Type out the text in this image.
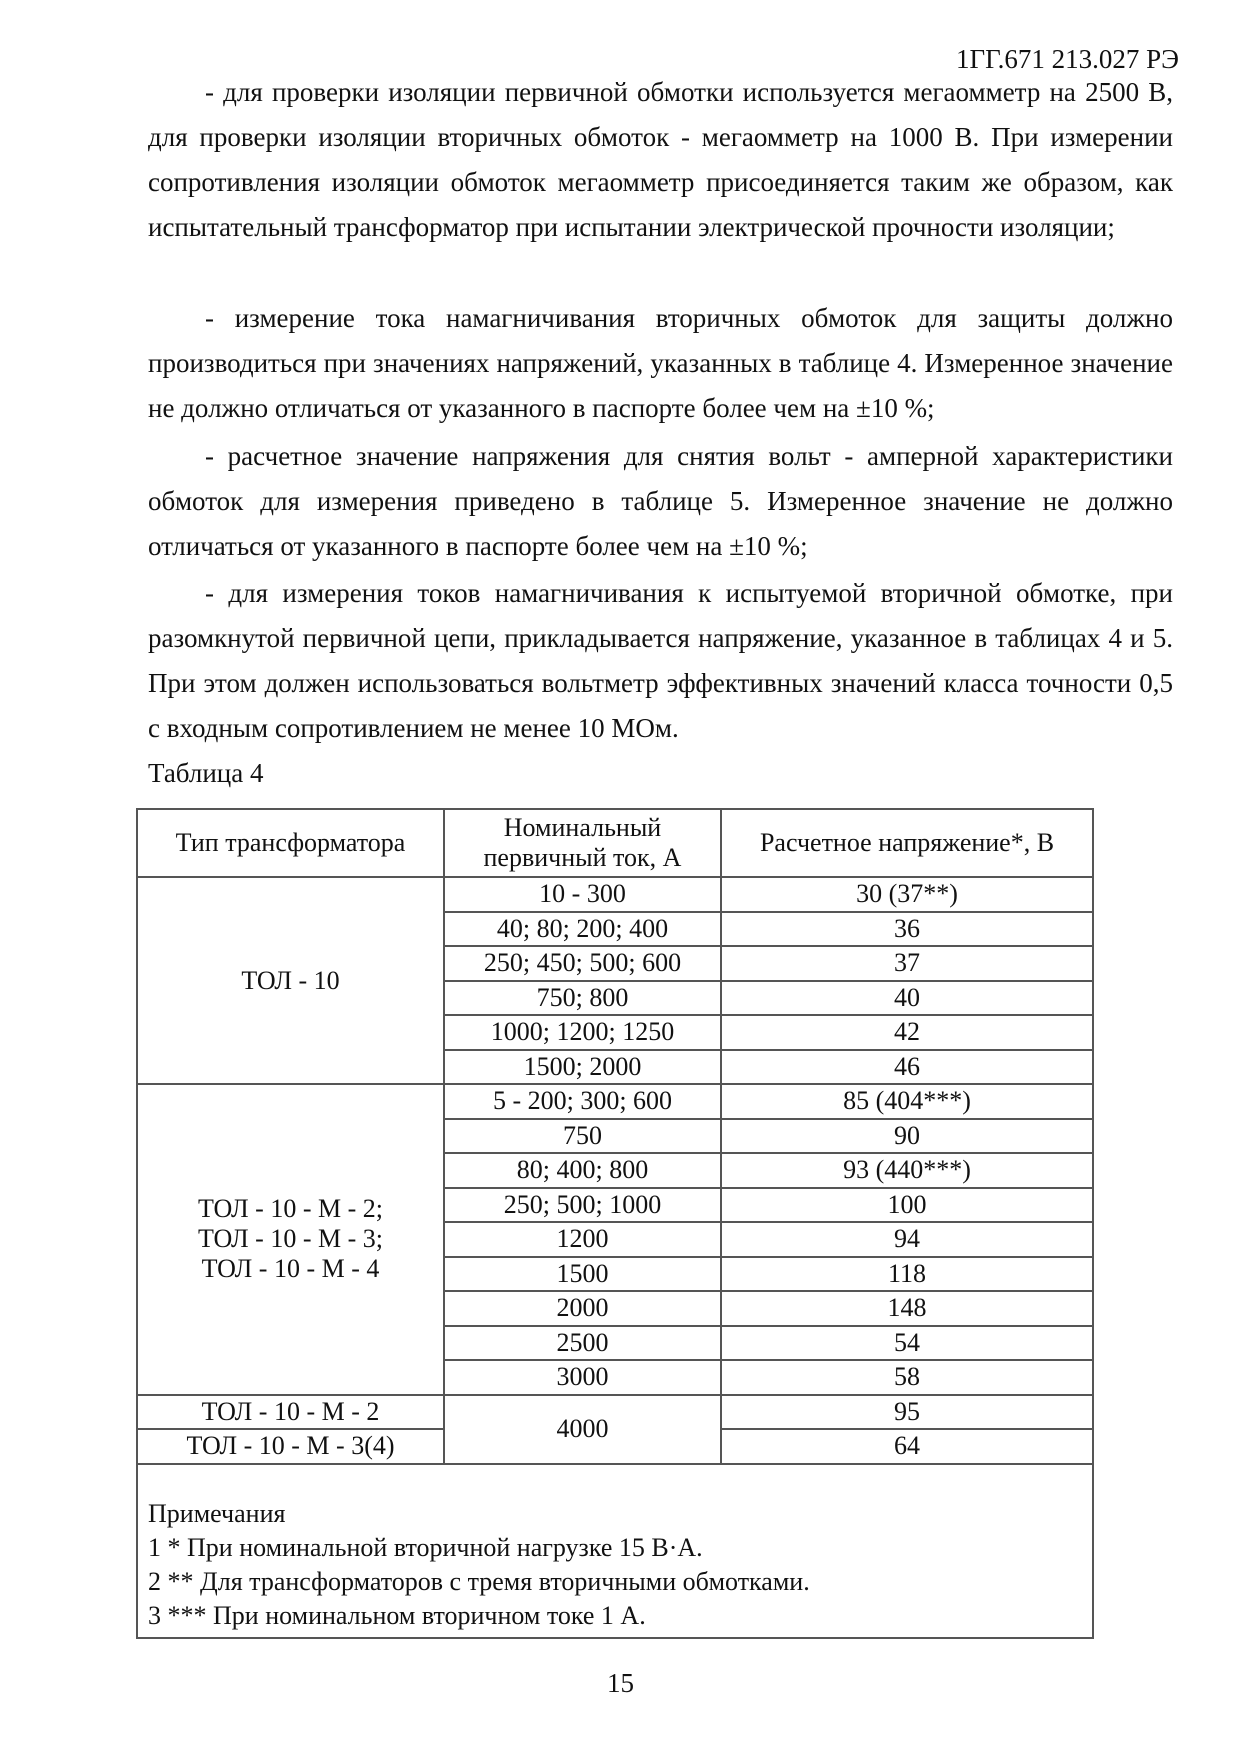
1ГГ.671 213.027 РЭ

- для проверки изоляции первичной обмотки используется мегаомметр на 2500 В, для проверки изоляции вторичных обмоток - мегаомметр на 1000 В. При измерении сопротивления изоляции обмоток мегаомметр присоединяется таким же образом, как испытательный трансформатор при испытании электрической прочности изоляции;

- измерение тока намагничивания вторичных обмоток для защиты должно производиться при значениях напряжений, указанных в таблице 4. Измеренное значение не должно отличаться от указанного в паспорте более чем на ±10 %;

- расчетное значение напряжения для снятия вольт - амперной характеристики обмоток для измерения приведено в таблице 5. Измеренное значение не должно отличаться от указанного в паспорте более чем на ±10 %;

- для измерения токов намагничивания к испытуемой вторичной обмотке, при разомкнутой первичной цепи, прикладывается напряжение, указанное в таблицах 4 и 5. При этом должен использоваться вольтметр эффективных значений класса точности 0,5 с входным сопротивлением не менее 10 МОм.

Таблица 4
Тип трансформатора	Номинальный первичный ток, А	Расчетное напряжение*, В
ТОЛ - 10	10 - 300	30 (37**)
	40; 80; 200; 400	36
	250; 450; 500; 600	37
	750; 800	40
	1000; 1200; 1250	42
	1500; 2000	46

ТОЛ - 10 - М - 2;
ТОЛ - 10 - М - 3;
ТОЛ - 10 - М - 4	5 - 200; 300; 600	85 (404***)
	750	90
	80; 400; 800	93 (440***)
	250; 500; 1000	100
	1200	94
	1500	118
	2000	148
	2500	54
	3000	58
ТОЛ - 10 - М - 2	4000	95
ТОЛ - 10 - М - 3(4)		64

Примечания
1 * При номинальной вторичной нагрузке 15 В·А.
2 ** Для трансформаторов с тремя вторичными обмотками.
3 *** При номинальном вторичном токе 1 А.		
15
